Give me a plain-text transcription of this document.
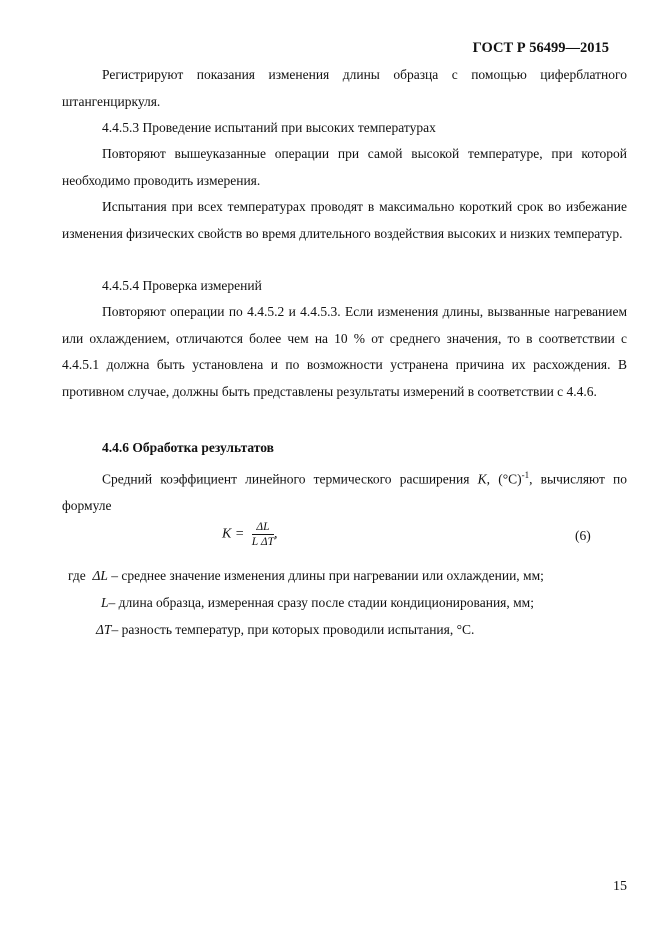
ГОСТ Р 56499—2015
Регистрируют показания изменения длины образца с помощью циферблатного штангенциркуля.
4.4.5.3 Проведение испытаний при высоких температурах
Повторяют вышеуказанные операции при самой высокой температуре, при которой необходимо проводить измерения.
Испытания при всех температурах проводят в максимально короткий срок во избежание изменения физических свойств во время длительного воздействия высоких и низких температур.
4.4.5.4 Проверка измерений
Повторяют операции по 4.4.5.2 и 4.4.5.3. Если изменения длины, вызванные нагреванием или охлаждением, отличаются более чем на 10 % от среднего значения, то в соответствии с 4.4.5.1 должна быть установлена и по возможности устранена причина их расхождения. В противном случае, должны быть представлены результаты измерений в соответствии с 4.4.6.
4.4.6 Обработка результатов
Средний коэффициент линейного термического расширения K, $(^\circ С)^{-1}$, вычисляют по формуле
$K = \frac{\Delta L}{\text{L ΔT}}$ ,	(6)
где ΔL – среднее значение изменения длины при нагревании или охлаждении, мм;
L– длина образца, измеренная сразу после стадии кондиционирования, мм;
ΔT– разность температур, при которых проводили испытания, °С.
15
